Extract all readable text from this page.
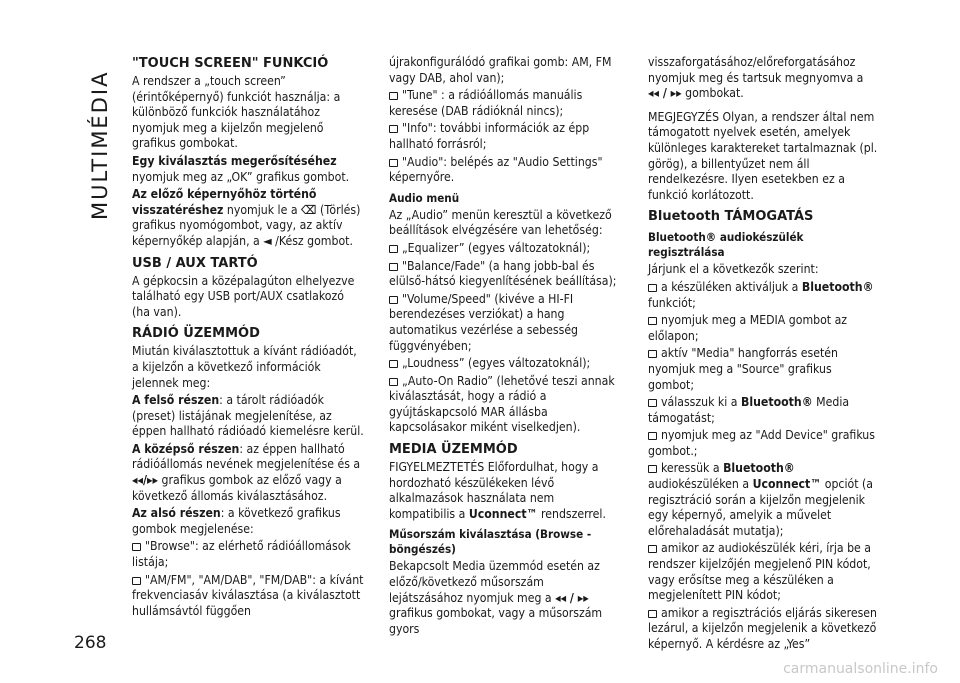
MULTIMÉDIA
"TOUCH SCREEN" FUNKCIÓ

A rendszer a „touch screen” (érintőképernyő) funkciót használja: a különböző funkciók használatához nyomjuk meg a kijelzőn megjelenő grafikus gombokat.

Egy kiválasztás megerősítéséhez nyomjuk meg az „OK” grafikus gombot.

Az előző képernyőhöz történő visszatéréshez nyomjuk le a ⌫ (Törlés) grafikus nyomógombot, vagy, az aktív képernyőkép alapján, a ◄ /Kész gombot.

USB / AUX TARTÓ

A gépkocsin a középalagúton elhelyezve található egy USB port/AUX csatlakozó (ha van).

RÁDIÓ ÜZEMMÓD

Miután kiválasztottuk a kívánt rádióadót, a kijelzőn a következő információk jelennek meg:

A felső részen: a tárolt rádióadók (preset) listájának megjelenítése, az éppen hallható rádióadó kiemelésre kerül.

A középső részen: az éppen hallható rádióállomás nevének megjelenítése és a ◂◂/▸▸ grafikus gombok az előző vagy a következő állomás kiválasztásához.

Az alsó részen: a következő grafikus gombok megjelenése:

"Browse": az elérhető rádióállomások listája;

"AM/FM", "AM/DAB", "FM/DAB": a kívánt frekvenciasáv kiválasztása (a kiválasztott hullámsávtól függően

újrakonfigurálódó grafikai gomb: AM, FM vagy DAB, ahol van);

"Tune" : a rádióállomás manuális keresése (DAB rádióknál nincs);

"Info": további információk az épp hallható forrásról;

"Audio": belépés az "Audio Settings" képernyőre.

Audio menü

Az „Audio” menün keresztül a következő beállítások elvégzésére van lehetőség:

„Equalizer” (egyes változatoknál);

"Balance/Fade" (a hang jobb-bal és elülső-hátsó kiegyenlítésének beállítása);

"Volume/Speed" (kivéve a HI-FI berendezéses verziókat) a hang automatikus vezérlése a sebesség függvényében;

„Loudness” (egyes változatoknál);

„Auto-On Radio” (lehetővé teszi annak kiválasztását, hogy a rádió a gyújtáskapcsoló MAR állásba kapcsolásakor miként viselkedjen).

MEDIA ÜZEMMÓD

FIGYELMEZTETÉS Előfordulhat, hogy a hordozható készülékeken lévő alkalmazások használata nem kompatibilis a Uconnect™ rendszerrel.

Műsorszám kiválasztása (Browse - böngészés)

Bekapcsolt Media üzemmód esetén az előző/következő műsorszám lejátszásához nyomjuk meg a ◂◂ / ▸▸ grafikus gombokat, vagy a műsorszám gyors

visszaforgatásához/előreforgatásához nyomjuk meg és tartsuk megnyomva a
◂◂ / ▸▸ gombokat.

MEGJEGYZÉS Olyan, a rendszer által nem támogatott nyelvek esetén, amelyek különleges karaktereket tartalmaznak (pl. görög), a billentyűzet nem áll rendelkezésre. Ilyen esetekben ez a funkció korlátozott.

Bluetooth TÁMOGATÁS
Bluetooth® audiokészülék regisztrálása

Járjunk el a következők szerint:

a készüléken aktiváljuk a Bluetooth® funkciót;

nyomjuk meg a MEDIA gombot az előlapon;

aktív "Media" hangforrás esetén nyomjuk meg a "Source" grafikus gombot;

válasszuk ki a Bluetooth® Media támogatást;

nyomjuk meg az "Add Device" grafikus gombot.;

keressük a Bluetooth® audiokészüléken a Uconnect™ opciót (a regisztráció során a kijelzőn megjelenik egy képernyő, amelyik a művelet előrehaladását mutatja);

amikor az audiokészülék kéri, írja be a rendszer kijelzőjén megjelenő PIN kódot, vagy erősítse meg a készüléken a megjelenített PIN kódot;

amikor a regisztrációs eljárás sikeresen lezárul, a kijelzőn megjelenik a következő képernyő. A kérdésre az „Yes”

268
carmanualsonline.info
